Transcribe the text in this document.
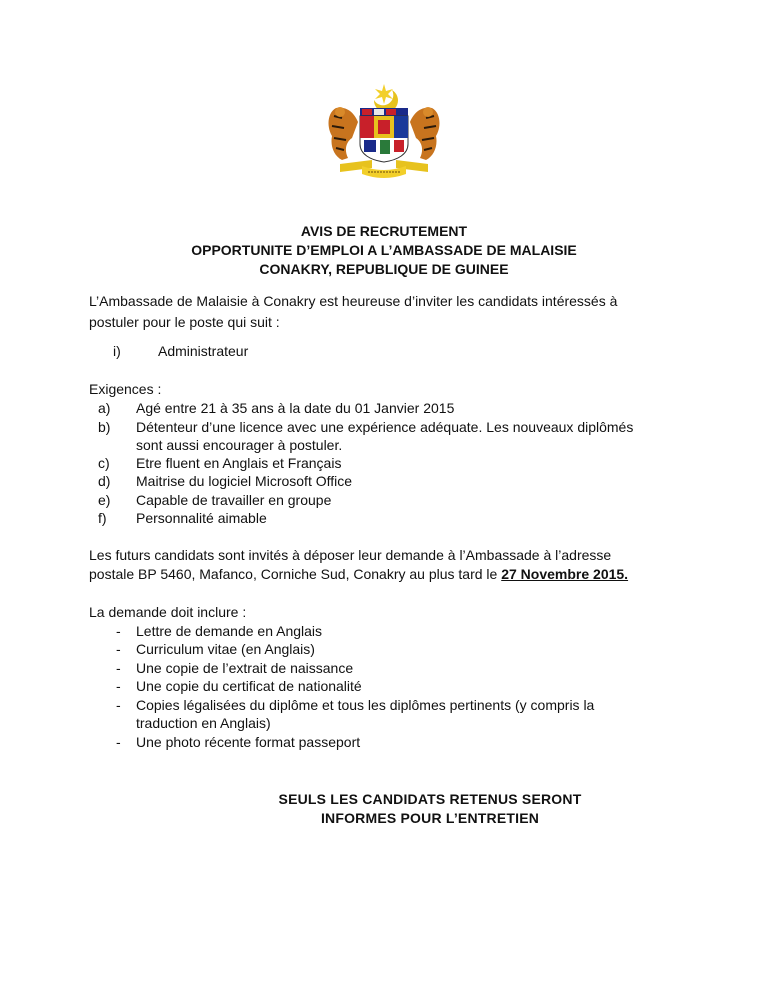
AVIS DE RECRUTEMENT
OPPORTUNITE D’EMPLOI A L’AMBASSADE DE MALAISIE
CONAKRY, REPUBLIQUE DE GUINEE
L’Ambassade de Malaisie à Conakry est heureuse d’inviter les candidats intéressés à
postuler pour le poste qui suit :
i)	Administrateur
Exigences :
a)	Agé entre 21 à 35 ans à la date du 01 Janvier 2015
b)	Détenteur d’une licence avec une expérience adéquate. Les nouveaux diplômés
sont aussi encourager à postuler.
c)	Etre fluent en Anglais et Français
d)	Maitrise du logiciel Microsoft Office
e)	Capable de travailler en groupe
f)	Personnalité aimable
Les futurs candidats sont invités à déposer leur demande à l’Ambassade à l’adresse
postale BP 5460, Mafanco, Corniche Sud, Conakry au plus tard le 27 Novembre 2015.
La demande doit inclure :
-	Lettre de demande en Anglais
-	Curriculum vitae (en Anglais)
-	Une copie de l’extrait de naissance
-	Une copie du certificat de nationalité
-	Copies légalisées du diplôme et tous les diplômes pertinents (y compris la
traduction en Anglais)
-	Une photo récente format passeport
SEULS LES CANDIDATS RETENUS SERONT
INFORMES POUR L’ENTRETIEN
